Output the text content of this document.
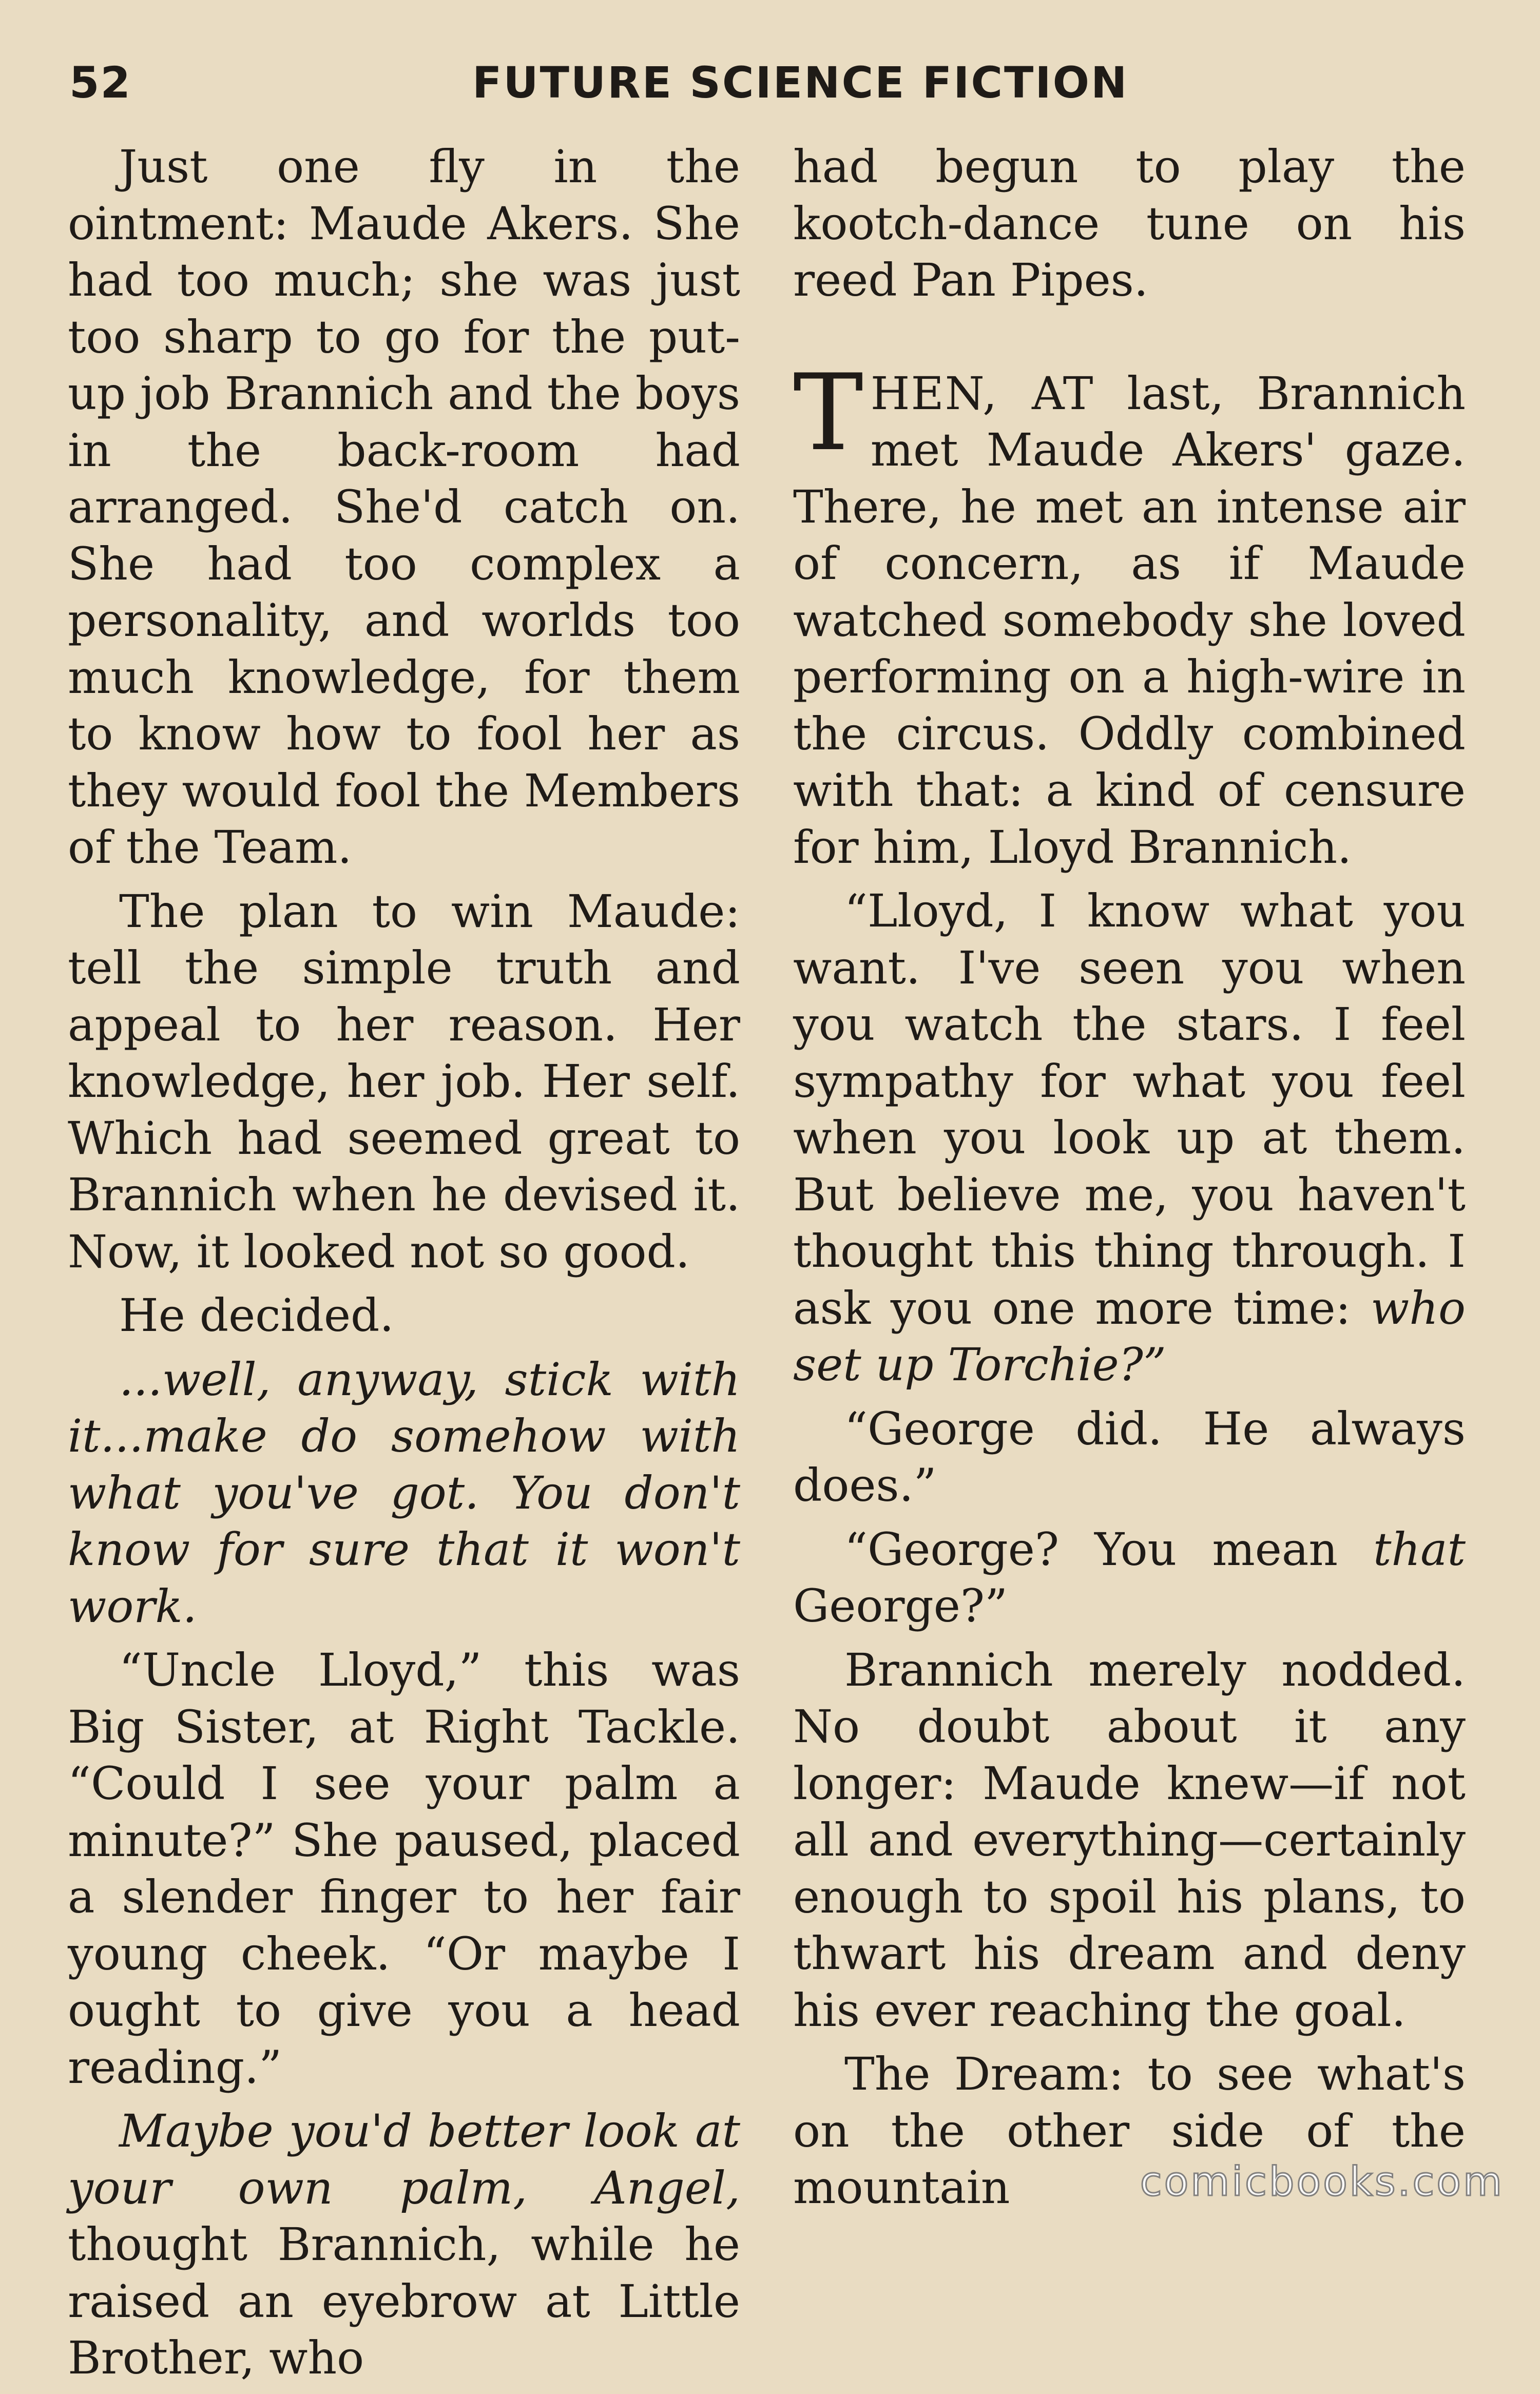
52	FUTURE SCIENCE FICTION

Just one fly in the ointment: Maude Akers. She had too much; she was just too sharp to go for the put-up job Brannich and the boys in the back-room had arranged. She'd catch on. She had too complex a personality, and worlds too much knowledge, for them to know how to fool her as they would fool the Members of the Team.

The plan to win Maude: tell the simple truth and appeal to her reason. Her knowledge, her job. Her self. Which had seemed great to Brannich when he devised it. Now, it looked not so good.

He decided.

...well, anyway, stick with it...make do somehow with what you've got. You don't know for sure that it won't work.

“Uncle Lloyd,” this was Big Sister, at Right Tackle. “Could I see your palm a minute?” She paused, placed a slender finger to her fair young cheek. “Or maybe I ought to give you a head reading.”

Maybe you'd better look at your own palm, Angel, thought Brannich, while he raised an eyebrow at Little Brother, who

had begun to play the kootch-dance tune on his reed Pan Pipes.

THEN, AT last, Brannich met Maude Akers' gaze. There, he met an intense air of concern, as if Maude watched somebody she loved performing on a high-wire in the circus. Oddly combined with that: a kind of censure for him, Lloyd Brannich.

“Lloyd, I know what you want. I've seen you when you watch the stars. I feel sympathy for what you feel when you look up at them. But believe me, you haven't thought this thing through. I ask you one more time: who set up Torchie?”

“George did. He always does.”

“George? You mean that George?”

Brannich merely nodded. No doubt about it any longer: Maude knew—if not all and everything—certainly enough to spoil his plans, to thwart his dream and deny his ever reaching the goal.

The Dream: to see what's on the other side of the mountain	comicbooks.com
